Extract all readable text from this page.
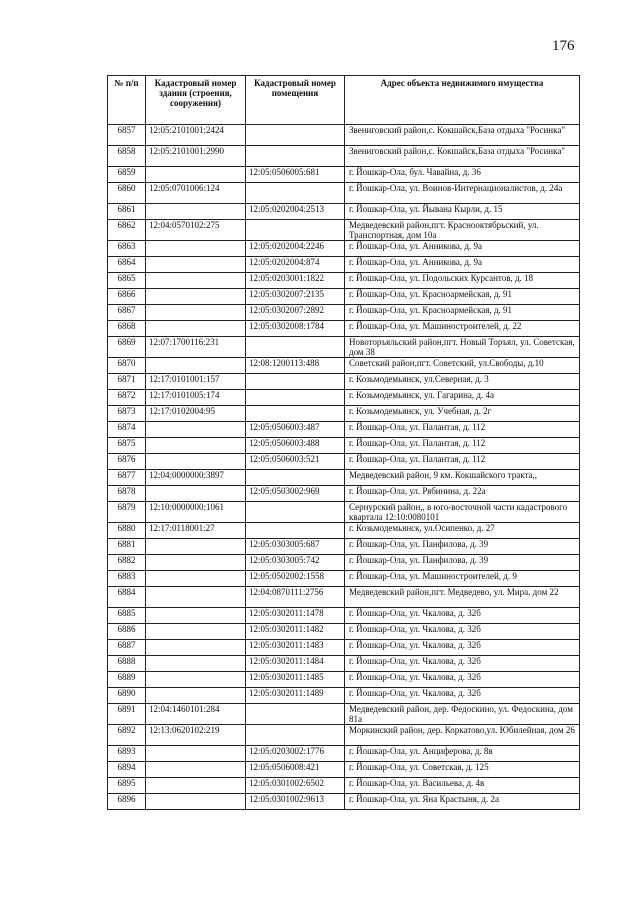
176
№ п/п	Кадастровый номер здания (строения, сооружения)	Кадастровый номер помещения	Адрес объекта недвижимого имущества
6857	12:05:2101001:2424		Звениговский район,с. Кокшайск,База отдыха "Росинка"
6858	12:05:2101001:2990		Звениговский район,с. Кокшайск,База отдыха "Росинка"
6859		12:05:0506005:681	г. Йошкар-Ола, бул. Чавайна, д. 36
6860	12:05:0701006:124		г. Йошкар-Ола, ул. Воинов-Интернационалистов, д. 24а
6861		12:05:0202004:2513	г. Йошкар-Ола, ул. Йывана Кырли, д. 15
6862	12:04:0570102:275		Медведевский район,пгт. Краснооктябрьский, ул. Транспортная, дом 10а
6863		12:05:0202004:2246	г. Йошкар-Ола, ул. Анникова, д. 9а
6864		12:05:0202004:874	г. Йошкар-Ола, ул. Анникова, д. 9а
6865		12:05:0203001:1822	г. Йошкар-Ола, ул. Подольских Курсантов, д. 18
6866		12:05:0302007:2135	г. Йошкар-Ола, ул. Красноармейская, д. 91
6867		12:05:0302007:2892	г. Йошкар-Ола, ул. Красноармейская, д. 91
6868		12:05:0302008:1784	г. Йошкар-Ола, ул. Машиностроителей, д. 22
6869	12:07:1700116:231		Новоторъяльский район,пгт. Новый Торъял, ул. Советская, дом 38
6870		12:08:1200113:488	Советский район,пгт. Советский, ул.Свободы, д.10
6871	12:17:0101001:157		г. Козьмодемьянск, ул.Северная, д. 3
6872	12:17:0101005:174		г. Козьмодемьянск, ул. Гагарина, д. 4а
6873	12:17:0102004:95		г. Козьмодемьянск, ул. Учебная, д. 2г
6874		12:05:0506003:487	г. Йошкар-Ола, ул. Палантая, д. 112
6875		12:05:0506003:488	г. Йошкар-Ола, ул. Палантая, д. 112
6876		12:05:0506003:521	г. Йошкар-Ола, ул. Палантая, д. 112
6877	12:04:0000000:3897		Медведевский район, 9 км. Кокшайского тракта,,
6878		12:05:0503002:969	г. Йошкар-Ола, ул. Рябинина, д. 22а
6879	12:10:0000000:1061		Сернурский район,, в юго-восточной части кадастрового квартала 12:10:0080101
6880	12:17:0118001:27		г. Козьмодемьянск, ул.Осипенко, д. 27
6881		12:05:0303005:687	г. Йошкар-Ола, ул. Панфилова, д. 39
6882		12:05:0303005:742	г. Йошкар-Ола, ул. Панфилова, д. 39
6883		12:05:0502002:1558	г. Йошкар-Ола, ул. Машиностроителей, д. 9
6884		12:04:0870111:2756	Медведевский район,пгт. Медведево, ул. Мира, дом 22
6885		12:05:0302011:1478	г. Йошкар-Ола, ул. Чкалова, д. 32б
6886		12:05:0302011:1482	г. Йошкар-Ола, ул. Чкалова, д. 32б
6887		12:05:0302011:1483	г. Йошкар-Ола, ул. Чкалова, д. 32б
6888		12:05:0302011:1484	г. Йошкар-Ола, ул. Чкалова, д. 32б
6889		12:05:0302011:1485	г. Йошкар-Ола, ул. Чкалова, д. 32б
6890		12:05:0302011:1489	г. Йошкар-Ола, ул. Чкалова, д. 32б
6891	12:04:1460101:284		Медведевский район, дер. Федоскино, ул. Федоскина, дом 81а
6892	12:13:0620102:219		Моркинский район, дер. Коркатово,ул. Юбилейная, дом 26
6893		12:05:0203002:1776	г. Йошкар-Ола, ул. Анциферова, д. 8в
6894		12:05:0506008:421	г. Йошкар-Ола, ул. Советская, д. 125
6895		12:05:0301002:6502	г. Йошкар-Ола, ул. Васильева, д. 4в
6896		12:05:0301002:9613	г. Йошкар-Ола, ул. Яна Крастыня, д. 2а
